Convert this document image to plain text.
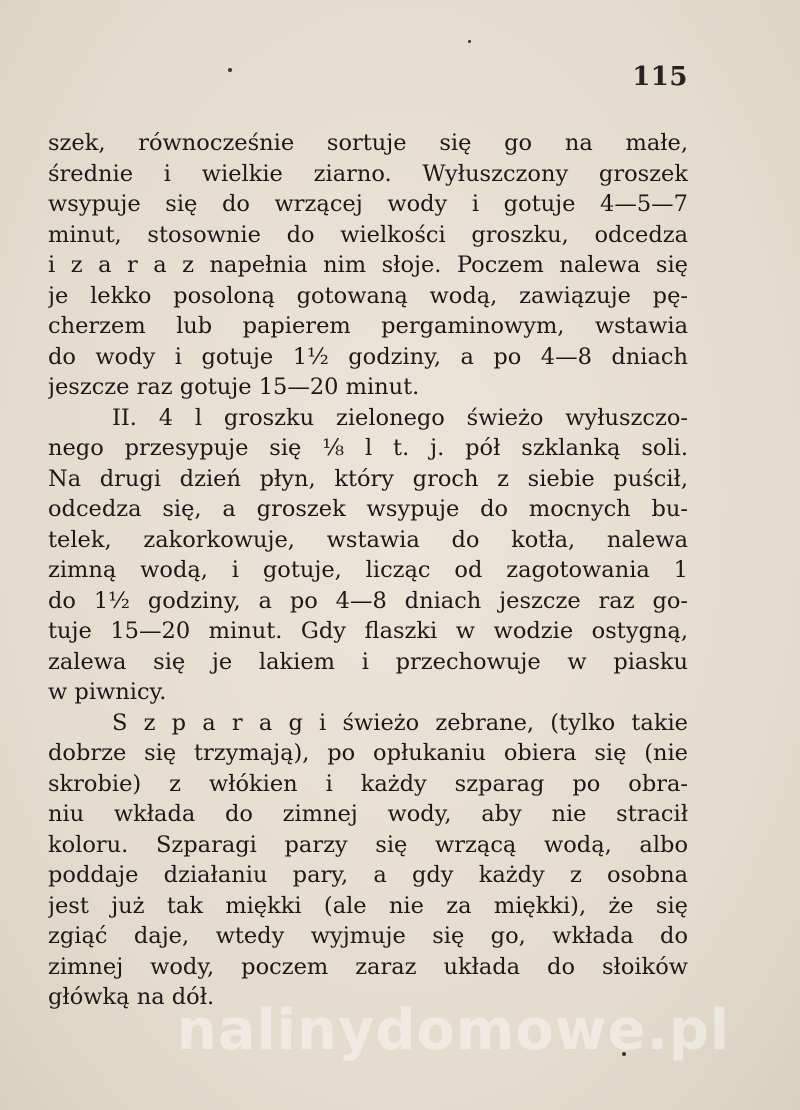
115
szek, równocześnie sortuje się go na małe,
średnie i wielkie ziarno. Wyłuszczony groszek
wsypuje się do wrzącej wody i gotuje 4—5—7
minut, stosownie do wielkości groszku, odcedza
i z a r a z napełnia nim słoje. Poczem nalewa się
je lekko posoloną gotowaną wodą, zawiązuje pę-
cherzem lub papierem pergaminowym, wstawia
do wody i gotuje 1½ godziny, a po 4—8 dniach
jeszcze raz gotuje 15—20 minut.
II. 4 l groszku zielonego świeżo wyłuszczo-
nego przesypuje się ⅛ l t. j. pół szklanką soli.
Na drugi dzień płyn, który groch z siebie puścił,
odcedza się, a groszek wsypuje do mocnych bu-
telek, zakorkowuje, wstawia do kotła, nalewa
zimną wodą, i gotuje, licząc od zagotowania 1
do 1½ godziny, a po 4—8 dniach jeszcze raz go-
tuje 15—20 minut. Gdy flaszki w wodzie ostygną,
zalewa się je lakiem i przechowuje w piasku
w piwnicy.
S z p a r a g i świeżo zebrane, (tylko takie
dobrze się trzymają), po opłukaniu obiera się (nie
skrobie) z włókien i każdy szparag po obra-
niu wkłada do zimnej wody, aby nie stracił
koloru. Szparagi parzy się wrzącą wodą, albo
poddaje działaniu pary, a gdy każdy z osobna
jest już tak miękki (ale nie za miękki), że się
zgiąć daje, wtedy wyjmuje się go, wkłada do
zimnej wody, poczem zaraz układa do słoików
główką na dół.
nalinydomowe.pl
